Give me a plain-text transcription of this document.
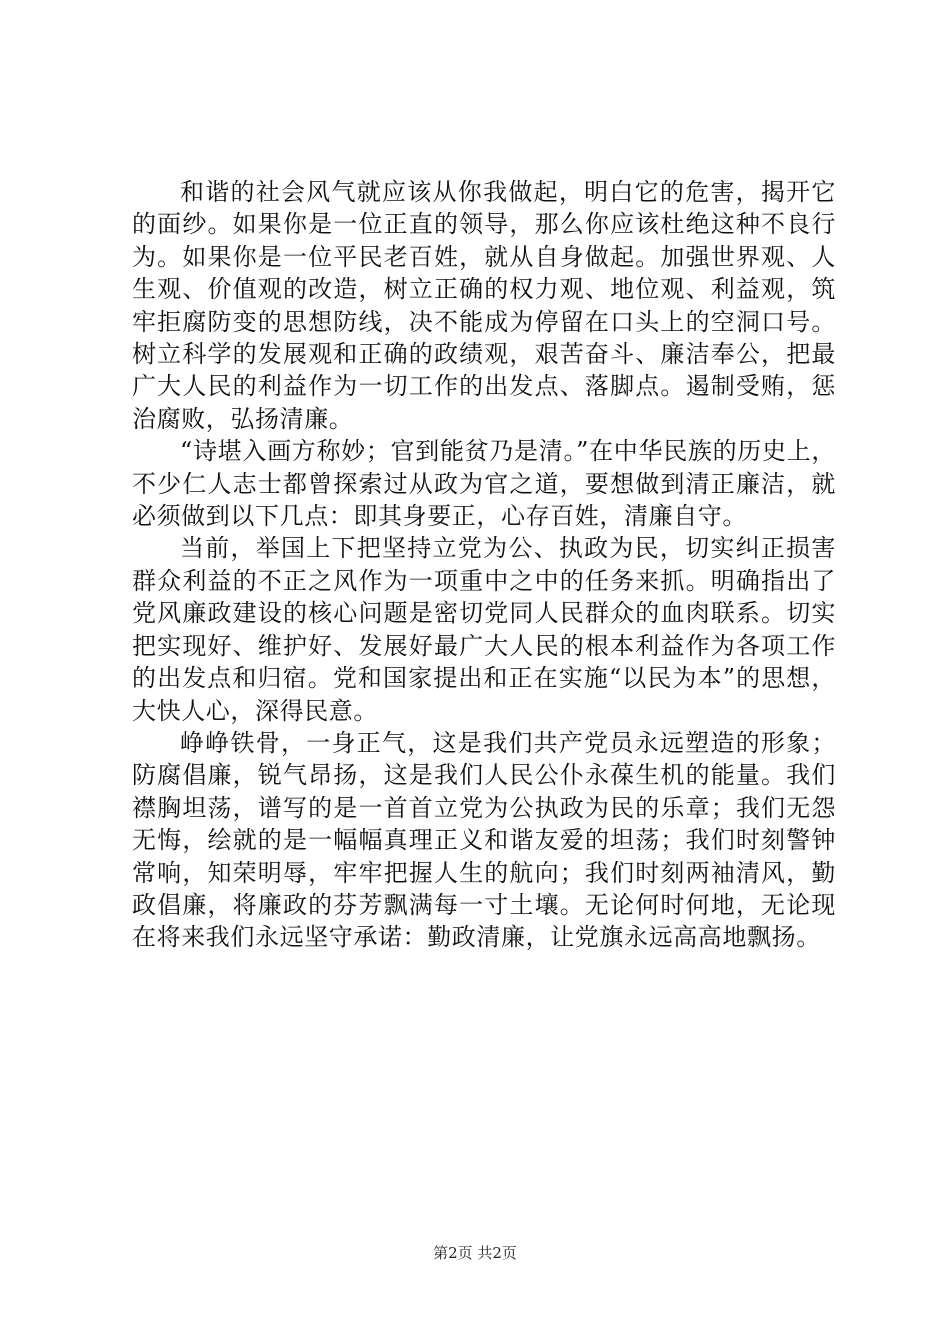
和谐的社会风气就应该从你我做起，明白它的危害，揭开它的面纱。如果你是一位正直的领导，那么你应该杜绝这种不良行为。如果你是一位平民老百姓，就从自身做起。加强世界观、人生观、价值观的改造，树立正确的权力观、地位观、利益观，筑牢拒腐防变的思想防线，决不能成为停留在口头上的空洞口号。树立科学的发展观和正确的政绩观，艰苦奋斗、廉洁奉公，把最广大人民的利益作为一切工作的出发点、落脚点。遏制受贿，惩治腐败，弘扬清廉。

“诗堪入画方称妙；官到能贫乃是清。”在中华民族的历史上，不少仁人志士都曾探索过从政为官之道，要想做到清正廉洁，就必须做到以下几点：即其身要正，心存百姓，清廉自守。

当前，举国上下把坚持立党为公、执政为民，切实纠正损害群众利益的不正之风作为一项重中之中的任务来抓。明确指出了党风廉政建设的核心问题是密切党同人民群众的血肉联系。切实把实现好、维护好、发展好最广大人民的根本利益作为各项工作的出发点和归宿。党和国家提出和正在实施“以民为本”的思想，大快人心，深得民意。

峥峥铁骨，一身正气，这是我们共产党员永远塑造的形象；防腐倡廉，锐气昂扬，这是我们人民公仆永葆生机的能量。我们襟胸坦荡，谱写的是一首首立党为公执政为民的乐章；我们无怨无悔，绘就的是一幅幅真理正义和谐友爱的坦荡；我们时刻警钟常响，知荣明辱，牢牢把握人生的航向；我们时刻两袖清风，勤政倡廉，将廉政的芬芳飘满每一寸土壤。无论何时何地，无论现在将来我们永远坚守承诺：勤政清廉，让党旗永远高高地飘扬。

第2页 共2页
